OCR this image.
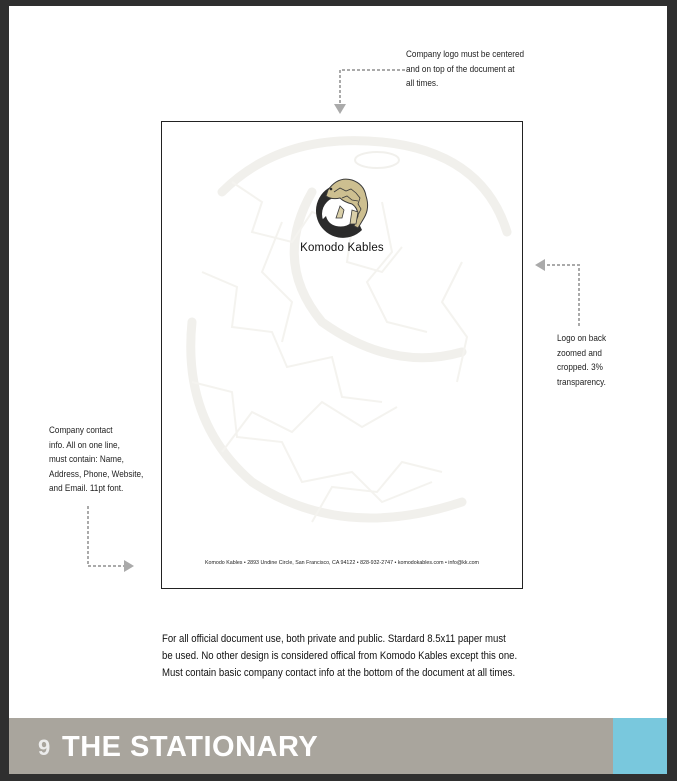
Company logo must be centered
and on top of the document at
all times.
Logo on back
zoomed and
cropped. 3%
transparency.
Company contact
info. All on one line,
must contain: Name,
Address, Phone, Website,
and Email. 11pt font.
Komodo Kables
Komodo Kables • 2893 Undine Circle, San Francisco, CA 94122 • 828-932-2747 • komodokables.com • info@kk.com
For all official document use, both private and public. Stardard 8.5x11 paper must
be used. No other design is considered offical from Komodo Kables except this one.
Must contain basic company contact info at the bottom of the document at all times.
9 THE STATIONARY
